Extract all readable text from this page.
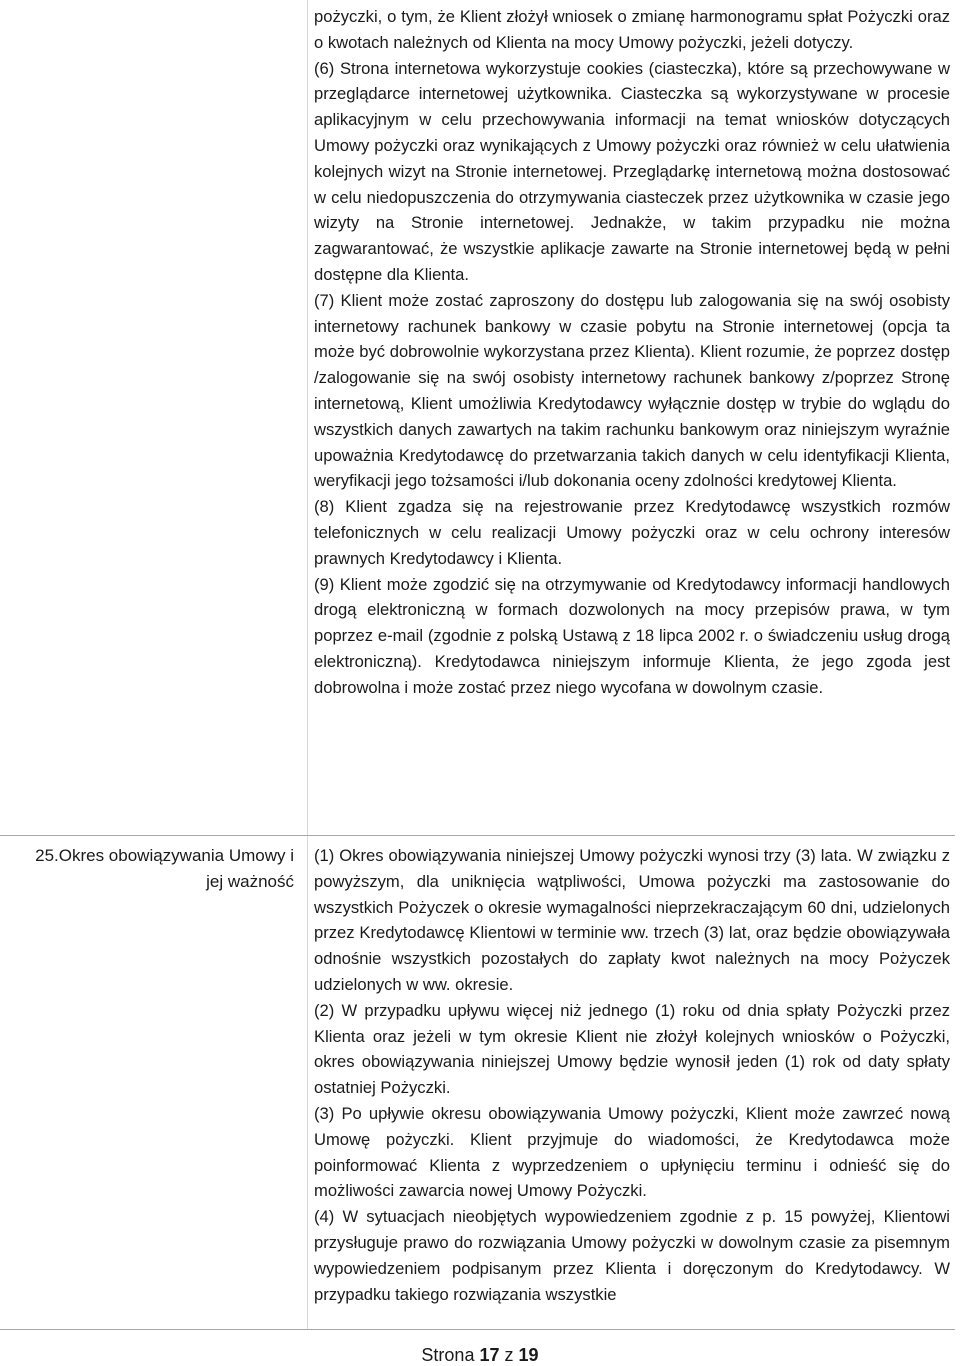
pożyczki, o tym, że Klient złożył wniosek o zmianę harmonogramu spłat Pożyczki oraz o kwotach należnych od Klienta na mocy Umowy pożyczki, jeżeli dotyczy.

(6) Strona internetowa wykorzystuje cookies (ciasteczka), które są przechowywane w przeglądarce internetowej użytkownika. Ciasteczka są wykorzystywane w procesie aplikacyjnym w celu przechowywania informacji na temat wniosków dotyczących Umowy pożyczki oraz wynikających z Umowy pożyczki oraz również w celu ułatwienia kolejnych wizyt na Stronie internetowej. Przeglądarkę internetową można dostosować w celu niedopuszczenia do otrzymywania ciasteczek przez użytkownika w czasie jego wizyty na Stronie internetowej. Jednakże, w takim przypadku nie można zagwarantować, że wszystkie aplikacje zawarte na Stronie internetowej będą w pełni dostępne dla Klienta.

(7) Klient może zostać zaproszony do dostępu lub zalogowania się na swój osobisty internetowy rachunek bankowy w czasie pobytu na Stronie internetowej (opcja ta może być dobrowolnie wykorzystana przez Klienta). Klient rozumie, że poprzez dostęp /zalogowanie się na swój osobisty internetowy rachunek bankowy z/poprzez Stronę internetową, Klient umożliwia Kredytodawcy wyłącznie dostęp w trybie do wglądu do wszystkich danych zawartych na takim rachunku bankowym oraz niniejszym wyraźnie upoważnia Kredytodawcę do przetwarzania takich danych w celu identyfikacji Klienta, weryfikacji jego tożsamości i/lub dokonania oceny zdolności kredytowej Klienta.

(8) Klient zgadza się na rejestrowanie przez Kredytodawcę wszystkich rozmów telefonicznych w celu realizacji Umowy pożyczki oraz w celu ochrony interesów prawnych Kredytodawcy i Klienta.

(9) Klient może zgodzić się na otrzymywanie od Kredytodawcy informacji handlowych drogą elektroniczną w formach dozwolonych na mocy przepisów prawa, w tym poprzez e-mail (zgodnie z polską Ustawą z 18 lipca 2002 r. o świadczeniu usług drogą elektroniczną). Kredytodawca niniejszym informuje Klienta, że jego zgoda jest dobrowolna i może zostać przez niego wycofana w dowolnym czasie.

25.Okres obowiązywania Umowy i jej ważność

(1) Okres obowiązywania niniejszej Umowy pożyczki wynosi trzy (3) lata. W związku z powyższym, dla uniknięcia wątpliwości, Umowa pożyczki ma zastosowanie do wszystkich Pożyczek o okresie wymagalności nieprzekraczającym 60 dni, udzielonych przez Kredytodawcę Klientowi w terminie ww. trzech (3) lat, oraz będzie obowiązywała odnośnie wszystkich pozostałych do zapłaty kwot należnych na mocy Pożyczek udzielonych w ww. okresie.

(2) W przypadku upływu więcej niż jednego (1) roku od dnia spłaty Pożyczki przez Klienta oraz jeżeli w tym okresie Klient nie złożył kolejnych wniosków o Pożyczki, okres obowiązywania niniejszej Umowy będzie wynosił jeden (1) rok od daty spłaty ostatniej Pożyczki.

(3) Po upływie okresu obowiązywania Umowy pożyczki, Klient może zawrzeć nową Umowę pożyczki. Klient przyjmuje do wiadomości, że Kredytodawca może poinformować Klienta z wyprzedzeniem o upłynięciu terminu i odnieść się do możliwości zawarcia nowej Umowy Pożyczki.

(4) W sytuacjach nieobjętych wypowiedzeniem zgodnie z p. 15 powyżej, Klientowi przysługuje prawo do rozwiązania Umowy pożyczki w dowolnym czasie za pisemnym wypowiedzeniem podpisanym przez Klienta i doręczonym do Kredytodawcy. W przypadku takiego rozwiązania wszystkie

Strona 17 z 19
